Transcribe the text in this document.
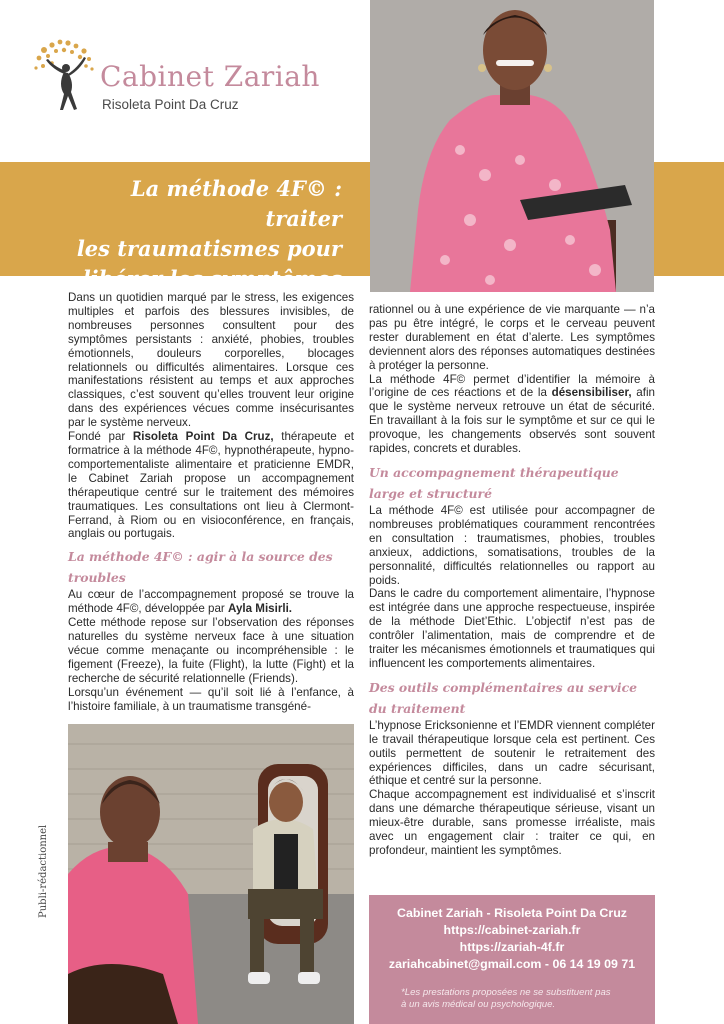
Cabinet Zariah
Risoleta Point Da Cruz
La méthode 4F© : traiter
les traumatismes pour
libérer les symptômes

Dans un quotidien marqué par le stress, les exigences multiples et parfois des blessures invisibles, de nombreuses personnes consultent pour des symptômes persistants : anxiété, phobies, troubles émotionnels, douleurs corporelles, blocages relationnels ou difficultés alimentaires. Lorsque ces manifestations résistent au temps et aux approches classiques, c’est souvent qu’elles trouvent leur origine dans des expériences vécues comme insécurisantes par le système nerveux.

Fondé par Risoleta Point Da Cruz, thérapeute et formatrice à la méthode 4F©, hypnothérapeute, hypno-comportementaliste alimentaire et praticienne EMDR, le Cabinet Zariah propose un accompagnement thérapeutique centré sur le traitement des mémoires traumatiques. Les consultations ont lieu à Clermont-Ferrand, à Riom ou en visioconférence, en français, anglais ou portugais.

La méthode 4F© : agir à la source des troubles

Au cœur de l’accompagnement proposé se trouve la méthode 4F©, développée par Ayla Misirli.

Cette méthode repose sur l’observation des réponses naturelles du système nerveux face à une situation vécue comme menaçante ou incompréhensible : le figement (Freeze), la fuite (Flight), la lutte (Fight) et la recherche de sécurité relationnelle (Friends).

Lorsqu’un événement — qu’il soit lié à l’enfance, à l’histoire familiale, à un traumatisme transgéné-

Publi-rédactionnel

rationnel ou à une expérience de vie marquante — n’a pas pu être intégré, le corps et le cerveau peuvent rester durablement en état d’alerte. Les symptômes deviennent alors des réponses automatiques destinées à protéger la personne.

La méthode 4F© permet d’identifier la mémoire à l’origine de ces réactions et de la désensibiliser, afin que le système nerveux retrouve un état de sécurité. En travaillant à la fois sur le symptôme et sur ce qui le provoque, les changements observés sont souvent rapides, concrets et durables.

Un accompagnement thérapeutique large et structuré

La méthode 4F© est utilisée pour accompagner de nombreuses problématiques couramment rencontrées en consultation : traumatismes, phobies, troubles anxieux, addictions, somatisations, troubles de la personnalité, difficultés relationnelles ou rapport au poids.

Dans le cadre du comportement alimentaire, l’hypnose est intégrée dans une approche respectueuse, inspirée de la méthode Diet’Ethic. L’objectif n’est pas de contrôler l’alimentation, mais de comprendre et de traiter les mécanismes émotionnels et traumatiques qui influencent les comportements alimentaires.

Des outils complémentaires au service du traitement

L’hypnose Ericksonienne et l’EMDR viennent compléter le travail thérapeutique lorsque cela est pertinent. Ces outils permettent de soutenir le retraitement des expériences difficiles, dans un cadre sécurisant, éthique et centré sur la personne.

Chaque accompagnement est individualisé et s’inscrit dans une démarche thérapeutique sérieuse, visant un mieux-être durable, sans promesse irréaliste, mais avec un engagement clair : traiter ce qui, en profondeur, maintient les symptômes.

Cabinet Zariah - Risoleta Point Da Cruz
https://cabinet-zariah.fr
https://zariah-4f.fr
zariahcabinet@gmail.com - 06 14 19 09 71
*Les prestations proposées ne se substituent pas
à un avis médical ou psychologique.
